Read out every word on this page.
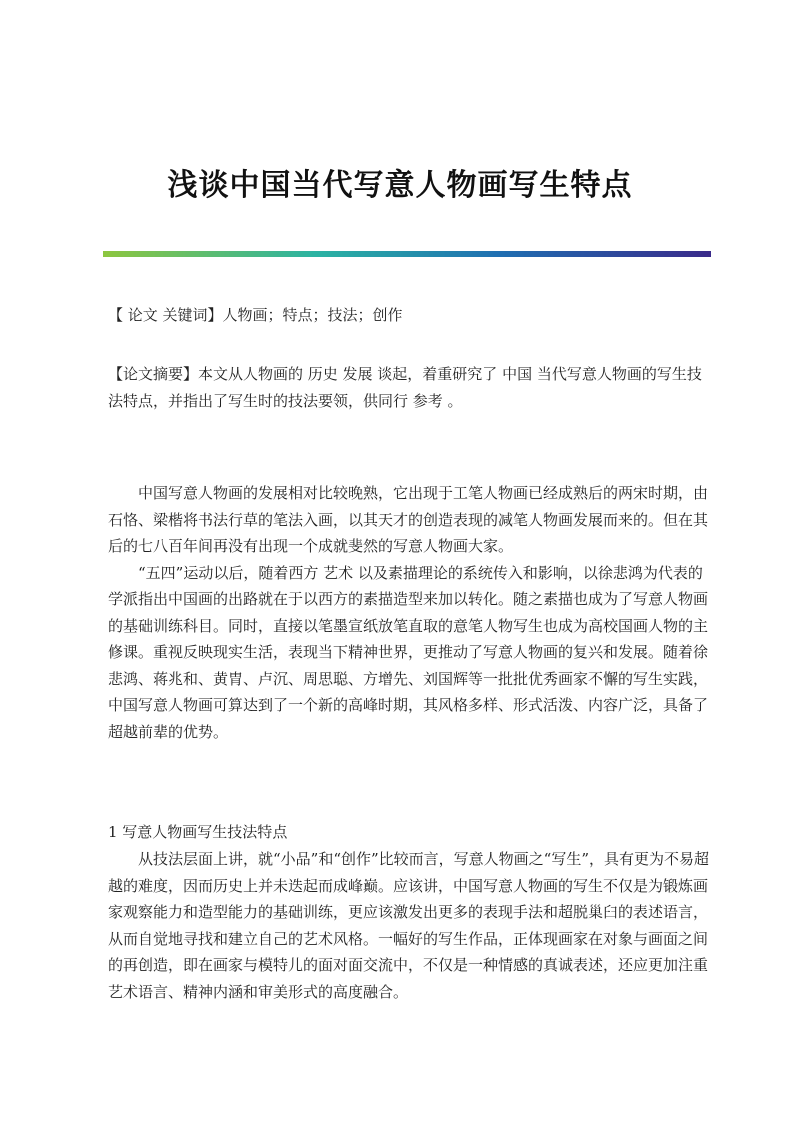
浅谈中国当代写意人物画写生特点
【 论文 关键词】人物画；特点；技法；创作

【论文摘要】本文从人物画的 历史 发展 谈起，着重研究了 中国 当代写意人物画的写生技法特点，并指出了写生时的技法要领，供同行 参考 。

中国写意人物画的发展相对比较晚熟，它出现于工笔人物画已经成熟后的两宋时期，由石恪、梁楷将书法行草的笔法入画，以其天才的创造表现的减笔人物画发展而来的。但在其后的七八百年间再没有出现一个成就斐然的写意人物画大家。

“五四”运动以后，随着西方 艺术 以及素描理论的系统传入和影响，以徐悲鸿为代表的学派指出中国画的出路就在于以西方的素描造型来加以转化。随之素描也成为了写意人物画的基础训练科目。同时，直接以笔墨宣纸放笔直取的意笔人物写生也成为高校国画人物的主修课。重视反映现实生活，表现当下精神世界，更推动了写意人物画的复兴和发展。随着徐悲鸿、蒋兆和、黄胄、卢沉、周思聪、方增先、刘国辉等一批批优秀画家不懈的写生实践，中国写意人物画可算达到了一个新的高峰时期，其风格多样、形式活泼、内容广泛，具备了超越前辈的优势。

1 写意人物画写生技法特点

从技法层面上讲，就“小品”和“创作”比较而言，写意人物画之“写生”，具有更为不易超越的难度，因而历史上并未迭起而成峰巅。应该讲，中国写意人物画的写生不仅是为锻炼画家观察能力和造型能力的基础训练，更应该激发出更多的表现手法和超脱巢臼的表述语言，从而自觉地寻找和建立自己的艺术风格。一幅好的写生作品，正体现画家在对象与画面之间的再创造，即在画家与模特儿的面对面交流中，不仅是一种情感的真诚表述，还应更加注重艺术语言、精神内涵和审美形式的高度融合。
